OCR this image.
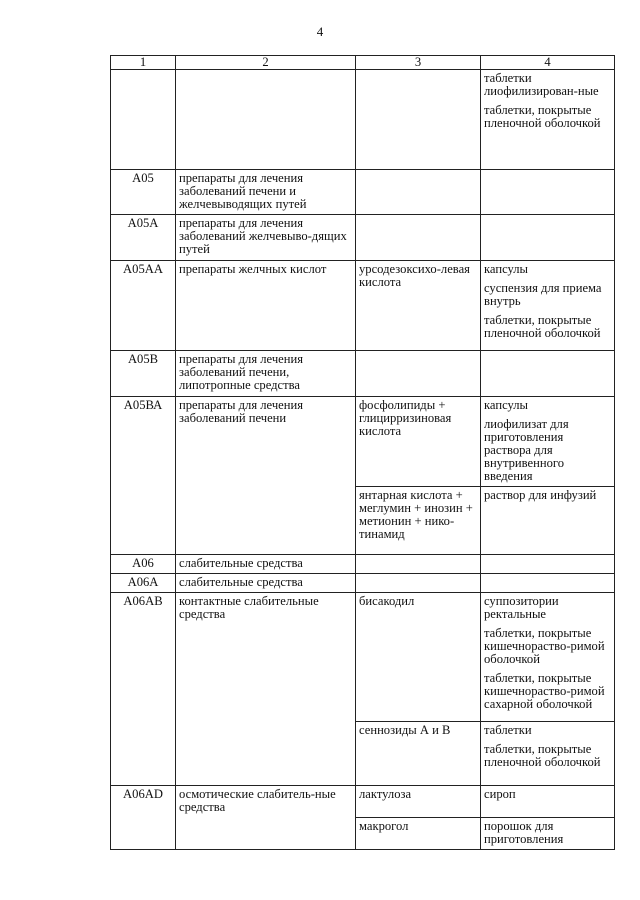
4
1	2	3	4

			таблетки лиофилизирован-ные
таблетки, покрытые пленочной оболочкой

А05	препараты для лечения заболеваний печени и желчевыводящих путей		
А05А	препараты для лечения заболеваний желчевыво-дящих путей		
А05АА	препараты желчных кислот	урсодезоксихо-левая кислота	капсулы
суспензия для приема внутрь
таблетки, покрытые пленочной оболочкой

А05В	препараты для лечения заболеваний печени, липотропные средства		
А05ВА	препараты для лечения заболеваний печени	фосфолипиды + глицирризиновая кислота	капсулы
лиофилизат для приготовления раствора для внутривенного введения

		янтарная кислота + меглумин + инозин + метионин + нико-тинамид	раствор для инфузий

А06	слабительные средства		
А06А	слабительные средства		
А06АВ	контактные слабительные средства	бисакодил	суппозитории ректальные
таблетки, покрытые кишечнораство-римой оболочкой
таблетки, покрытые кишечнораство-римой сахарной оболочкой

		сеннозиды А и В	таблетки
таблетки, покрытые пленочной оболочкой

А06АD	осмотические слабитель-ные средства	лактулоза	сироп

		макрогол	порошок для приготовления
